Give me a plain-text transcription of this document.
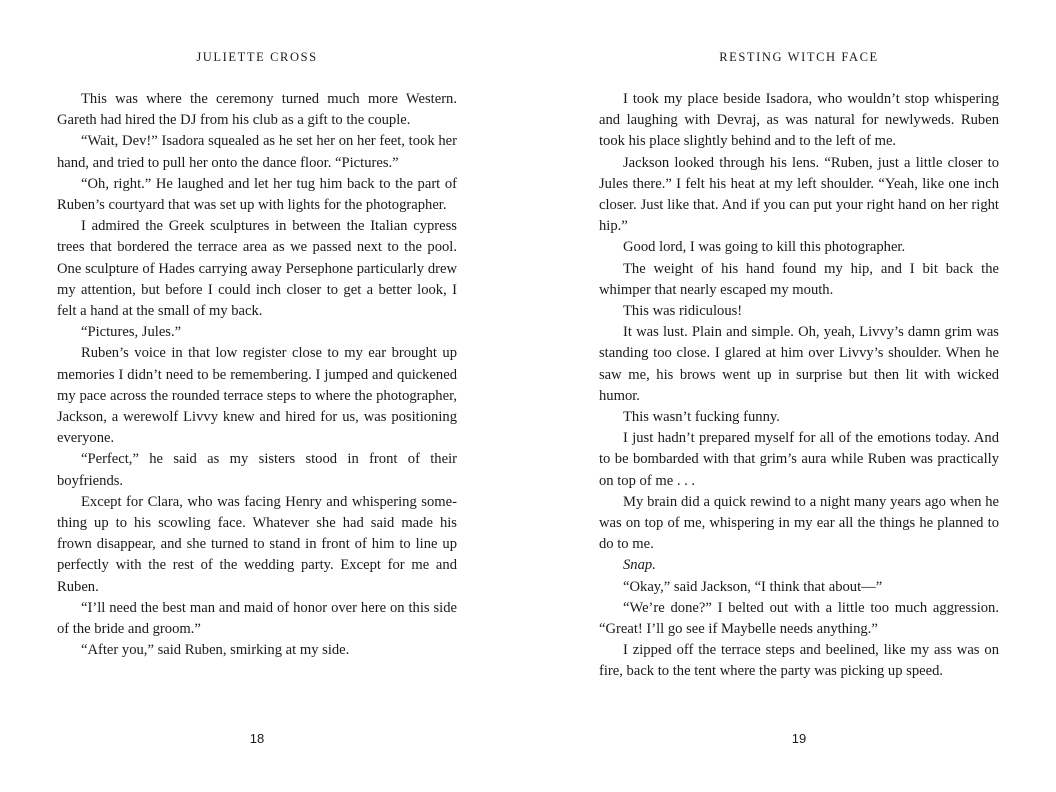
JULIETTE CROSS

This was where the ceremony turned much more Western. Gareth had hired the DJ from his club as a gift to the couple.

“Wait, Dev!” Isadora squealed as he set her on her feet, took her hand, and tried to pull her onto the dance floor. “Pictures.”

“Oh, right.” He laughed and let her tug him back to the part of Ruben’s courtyard that was set up with lights for the photographer.

I admired the Greek sculptures in between the Italian cypress trees that bordered the terrace area as we passed next to the pool. One sculpture of Hades carrying away Persephone particularly drew my attention, but before I could inch closer to get a better look, I felt a hand at the small of my back.

“Pictures, Jules.”

Ruben’s voice in that low register close to my ear brought up memories I didn’t need to be remembering. I jumped and quickened my pace across the rounded terrace steps to where the photographer, Jackson, a werewolf Livvy knew and hired for us, was positioning everyone.

“Perfect,” he said as my sisters stood in front of their boyfriends.

Except for Clara, who was facing Henry and whispering something up to his scowling face. Whatever she had said made his frown disappear, and she turned to stand in front of him to line up perfectly with the rest of the wedding party. Except for me and Ruben.

“I’ll need the best man and maid of honor over here on this side of the bride and groom.”

“After you,” said Ruben, smirking at my side.

18
RESTING WITCH FACE

I took my place beside Isadora, who wouldn’t stop whispering and laughing with Devraj, as was natural for newlyweds. Ruben took his place slightly behind and to the left of me.

Jackson looked through his lens. “Ruben, just a little closer to Jules there.” I felt his heat at my left shoulder. “Yeah, like one inch closer. Just like that. And if you can put your right hand on her right hip.”

Good lord, I was going to kill this photographer.

The weight of his hand found my hip, and I bit back the whimper that nearly escaped my mouth.

This was ridiculous!

It was lust. Plain and simple. Oh, yeah, Livvy’s damn grim was standing too close. I glared at him over Livvy’s shoulder. When he saw me, his brows went up in surprise but then lit with wicked humor.

This wasn’t fucking funny.

I just hadn’t prepared myself for all of the emotions today. And to be bombarded with that grim’s aura while Ruben was practically on top of me . . .

My brain did a quick rewind to a night many years ago when he was on top of me, whispering in my ear all the things he planned to do to me.

Snap.

“Okay,” said Jackson, “I think that about—”

“We’re done?” I belted out with a little too much aggression. “Great! I’ll go see if Maybelle needs anything.”

I zipped off the terrace steps and beelined, like my ass was on fire, back to the tent where the party was picking up speed.

19
